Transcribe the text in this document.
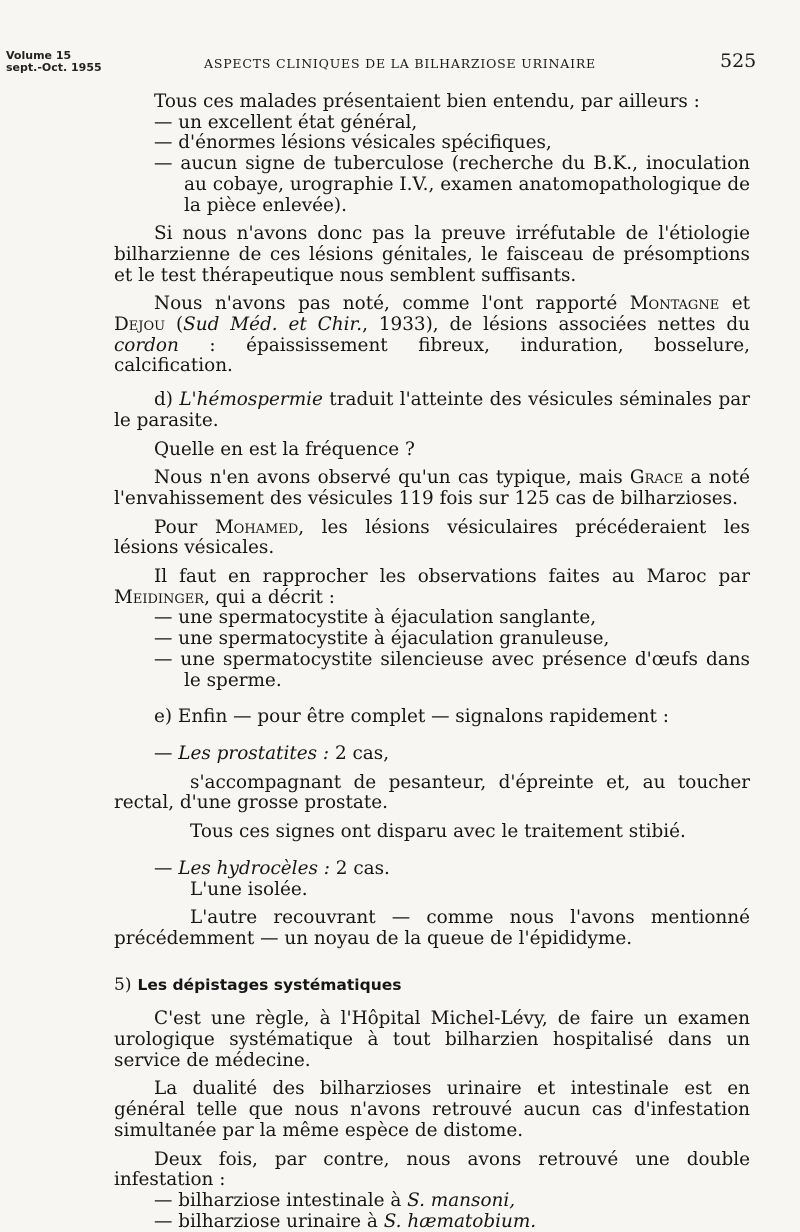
Volume 15
sept.-Oct. 1955	ASPECTS CLINIQUES DE LA BILHARZIOSE URINAIRE	525

Tous ces malades présentaient bien entendu, par ailleurs :

— un excellent état général,

— d'énormes lésions vésicales spécifiques,

— aucun signe de tuberculose (recherche du B.K., inoculation au cobaye, urographie I.V., examen anatomopathologique de la pièce enlevée).

Si nous n'avons donc pas la preuve irréfutable de l'étiologie bilharzienne de ces lésions génitales, le faisceau de présomptions et le test thérapeutique nous semblent suffisants.

Nous n'avons pas noté, comme l'ont rapporté Montagne et Dejou (Sud Méd. et Chir., 1933), de lésions associées nettes du cordon : épaississement fibreux, induration, bosselure, calcification.

d) L'hémospermie traduit l'atteinte des vésicules séminales par le parasite.

Quelle en est la fréquence ?

Nous n'en avons observé qu'un cas typique, mais Grace a noté l'envahissement des vésicules 119 fois sur 125 cas de bilharzioses.

Pour Mohamed, les lésions vésiculaires précéderaient les lésions vésicales.

Il faut en rapprocher les observations faites au Maroc par Meidinger, qui a décrit :

— une spermatocystite à éjaculation sanglante,

— une spermatocystite à éjaculation granuleuse,

— une spermatocystite silencieuse avec présence d'œufs dans le sperme.

e) Enfin — pour être complet — signalons rapidement :

— Les prostatites : 2 cas,

s'accompagnant de pesanteur, d'épreinte et, au toucher rectal, d'une grosse prostate.

Tous ces signes ont disparu avec le traitement stibié.

— Les hydrocèles : 2 cas.

L'une isolée.

L'autre recouvrant — comme nous l'avons mentionné précédemment — un noyau de la queue de l'épididyme.

5) Les dépistages systématiques

C'est une règle, à l'Hôpital Michel-Lévy, de faire un examen urologique systématique à tout bilharzien hospitalisé dans un service de médecine.

La dualité des bilharzioses urinaire et intestinale est en général telle que nous n'avons retrouvé aucun cas d'infestation simultanée par la même espèce de distome.

Deux fois, par contre, nous avons retrouvé une double infestation :

— bilharziose intestinale à S. mansoni,

— bilharziose urinaire à S. hæmatobium.
